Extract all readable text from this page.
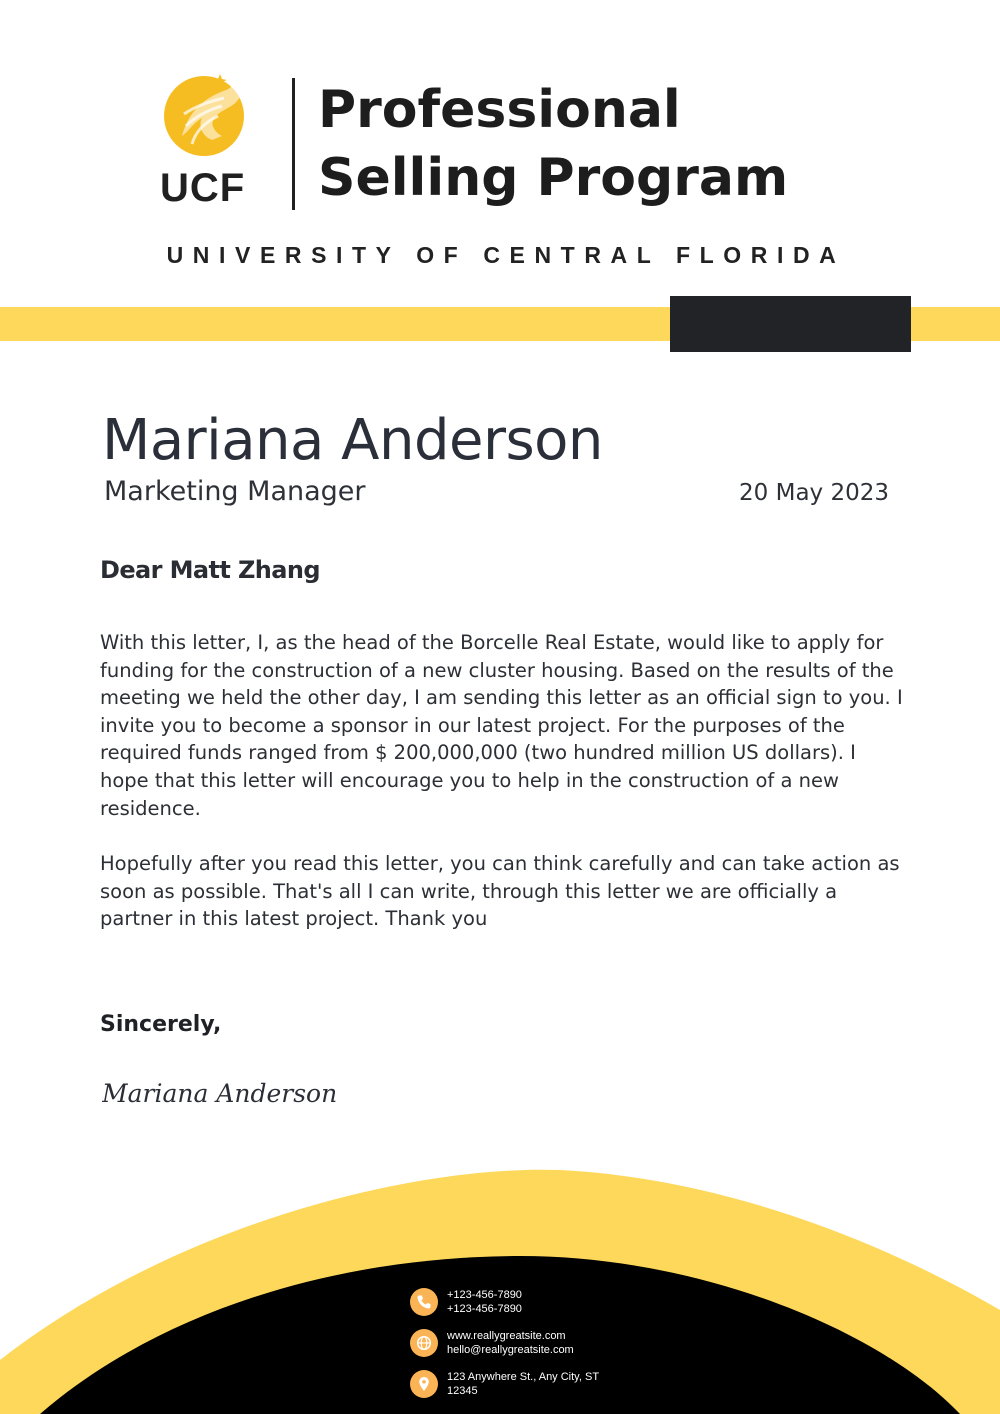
UCF
Professional
Selling Program
UNIVERSITY OF CENTRAL FLORIDA
Mariana Anderson
Marketing Manager	20 May 2023
Dear Matt Zhang

With this letter, I, as the head of the Borcelle Real Estate, would like to apply for funding for the construction of a new cluster housing. Based on the results of the meeting we held the other day, I am sending this letter as an official sign to you. I invite you to become a sponsor in our latest project. For the purposes of the required funds ranged from $ 200,000,000 (two hundred million US dollars). I hope that this letter will encourage you to help in the construction of a new residence.

Hopefully after you read this letter, you can think carefully and can take action as soon as possible. That's all I can write, through this letter we are officially a partner in this latest project. Thank you

Sincerely,
Mariana Anderson
+123-456-7890
+123-456-7890
www.reallygreatsite.com
hello@reallygreatsite.com
123 Anywhere St., Any City, ST
12345
